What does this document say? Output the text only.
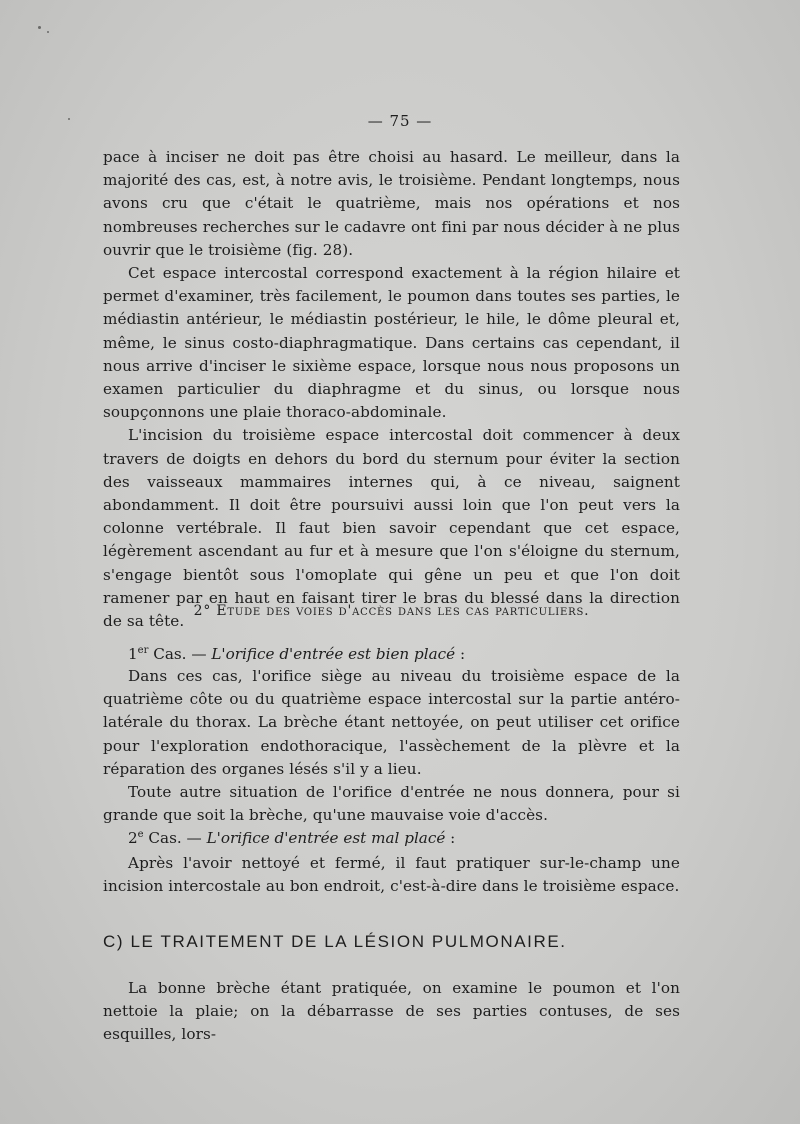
— 75 —

pace à inciser ne doit pas être choisi au hasard. Le meilleur, dans la majorité des cas, est, à notre avis, le troisième. Pendant longtemps, nous avons cru que c'était le quatrième, mais nos opérations et nos nombreuses recherches sur le cadavre ont fini par nous décider à ne plus ouvrir que le troisième (fig. 28).

Cet espace intercostal correspond exactement à la région hilaire et permet d'examiner, très facilement, le poumon dans toutes ses parties, le médiastin antérieur, le médiastin postérieur, le hile, le dôme pleural et, même, le sinus costo-diaphragmatique. Dans certains cas cependant, il nous arrive d'inciser le sixième espace, lorsque nous nous proposons un examen particulier du diaphragme et du sinus, ou lorsque nous soupçonnons une plaie thoraco-abdominale.

L'incision du troisième espace intercostal doit commencer à deux travers de doigts en dehors du bord du sternum pour éviter la section des vaisseaux mammaires internes qui, à ce niveau, saignent abondamment. Il doit être poursuivi aussi loin que l'on peut vers la colonne vertébrale. Il faut bien savoir cependant que cet espace, légèrement ascendant au fur et à mesure que l'on s'éloigne du sternum, s'engage bientôt sous l'omoplate qui gêne un peu et que l'on doit ramener par en haut en faisant tirer le bras du blessé dans la direction de sa tête.

2° Etude des voies d'accès dans les cas particuliers.
1er Cas. — L'orifice d'entrée est bien placé :

Dans ces cas, l'orifice siège au niveau du troisième espace de la quatrième côte ou du quatrième espace intercostal sur la partie antéro-latérale du thorax. La brèche étant nettoyée, on peut utiliser cet orifice pour l'exploration endothoracique, l'assèchement de la plèvre et la réparation des organes lésés s'il y a lieu.

Toute autre situation de l'orifice d'entrée ne nous donnera, pour si grande que soit la brèche, qu'une mauvaise voie d'accès.

2e Cas. — L'orifice d'entrée est mal placé :

Après l'avoir nettoyé et fermé, il faut pratiquer sur-le-champ une incision intercostale au bon endroit, c'est-à-dire dans le troisième espace.

C) LE TRAITEMENT DE LA LÉSION PULMONAIRE.

La bonne brèche étant pratiquée, on examine le poumon et l'on nettoie la plaie; on la débarrasse de ses parties contuses, de ses esquilles, lors-
